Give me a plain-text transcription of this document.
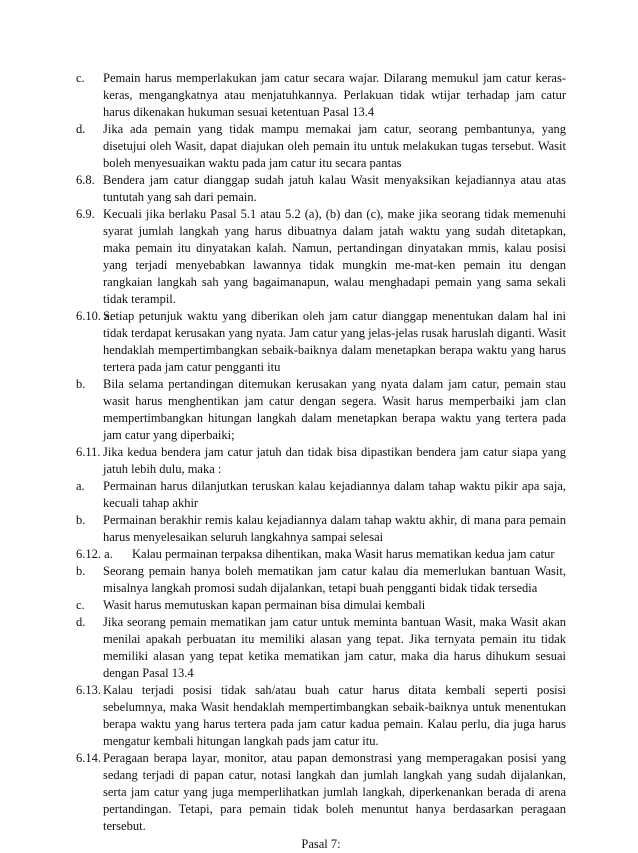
c. Pemain harus memperlakukan jam catur secara wajar. Dilarang memukul jam catur keras-keras, mengangkatnya atau menjatuhkannya. Perlakuan tidak wtijar terhadap jam catur harus dikenakan hukuman sesuai ketentuan Pasal 13.4

d. Jika ada pemain yang tidak mampu memakai jam catur, seorang pembantunya, yang disetujui oleh Wasit, dapat diajukan oleh pemain itu untuk melakukan tugas tersebut. Wasit boleh menyesuaikan waktu pada jam catur itu secara pantas

6.8. Bendera jam catur dianggap sudah jatuh kalau Wasit menyaksikan kejadiannya atau atas tuntutah yang sah dari pemain.

6.9. Kecuali jika berlaku Pasal 5.1 atau 5.2 (a), (b) dan (c), make jika seorang tidak memenuhi syarat jumlah langkah yang harus dibuatnya dalam jatah waktu yang sudah ditetapkan, maka pemain itu dinyatakan kalah. Namun, pertandingan dinyatakan mmis, kalau posisi yang terjadi menyebabkan lawannya tidak mungkin me-mat-ken pemain itu dengan rangkaian langkah sah yang bagaimanapun, walau menghadapi pemain yang sama sekali tidak terampil.

6.10. a.
Setiap petunjuk waktu yang diberikan oleh jam catur dianggap menentukan dalam hal ini tidak terdapat kerusakan yang nyata. Jam catur yang jelas-jelas rusak haruslah diganti. Wasit hendaklah mempertimbangkan sebaik-baiknya dalam menetapkan berapa waktu yang harus tertera pada jam catur pengganti itu

b. Bila selama pertandingan ditemukan kerusakan yang nyata dalam jam catur, pemain stau wasit harus menghentikan jam catur dengan segera. Wasit harus memperbaiki jam clan mempertimbangkan hitungan langkah dalam menetapkan berapa waktu yang tertera pada jam catur yang diperbaiki;

6.11. Jika kedua bendera jam catur jatuh dan tidak bisa dipastikan bendera jam catur siapa yang jatuh lebih dulu, maka :

a. Permainan harus dilanjutkan teruskan kalau kejadiannya dalam tahap waktu pikir apa saja, kecuali tahap akhir

b. Permainan berakhir remis kalau kejadiannya dalam tahap waktu akhir, di mana para pemain harus menyelesaikan seluruh langkahnya sampai selesai

6.12. a. Kalau permainan terpaksa dihentikan, maka Wasit harus mematikan kedua jam catur

b. Seorang pemain hanya boleh mematikan jam catur kalau dia memerlukan bantuan Wasit, misalnya langkah promosi sudah dijalankan, tetapi buah pengganti bidak tidak tersedia

c. Wasit harus memutuskan kapan permainan bisa dimulai kembali

d. Jika seorang pemain mematikan jam catur untuk meminta bantuan Wasit, maka Wasit akan menilai apakah perbuatan itu memiliki alasan yang tepat. Jika ternyata pemain itu tidak memiliki alasan yang tepat ketika mematikan jam catur, maka dia harus dihukum sesuai dengan Pasal 13.4

6.13. Kalau terjadi posisi tidak sah/atau buah catur harus ditata kembali seperti posisi sebelumnya, maka Wasit hendaklah mempertimbangkan sebaik-baiknya untuk menentukan berapa waktu yang harus tertera pada jam catur kadua pemain. Kalau perlu, dia juga harus mengatur kembali hitungan langkah pads jam catur itu.

6.14. Peragaan berapa layar, monitor, atau papan demonstrasi yang memperagakan posisi yang sedang terjadi di papan catur, notasi langkah dan jumlah langkah yang sudah dijalankan, serta jam catur yang juga memperlihatkan jumlah langkah, diperkenankan berada di arena pertandingan. Tetapi, para pemain tidak boleh menuntut hanya berdasarkan peragaan tersebut.

Pasal 7:
